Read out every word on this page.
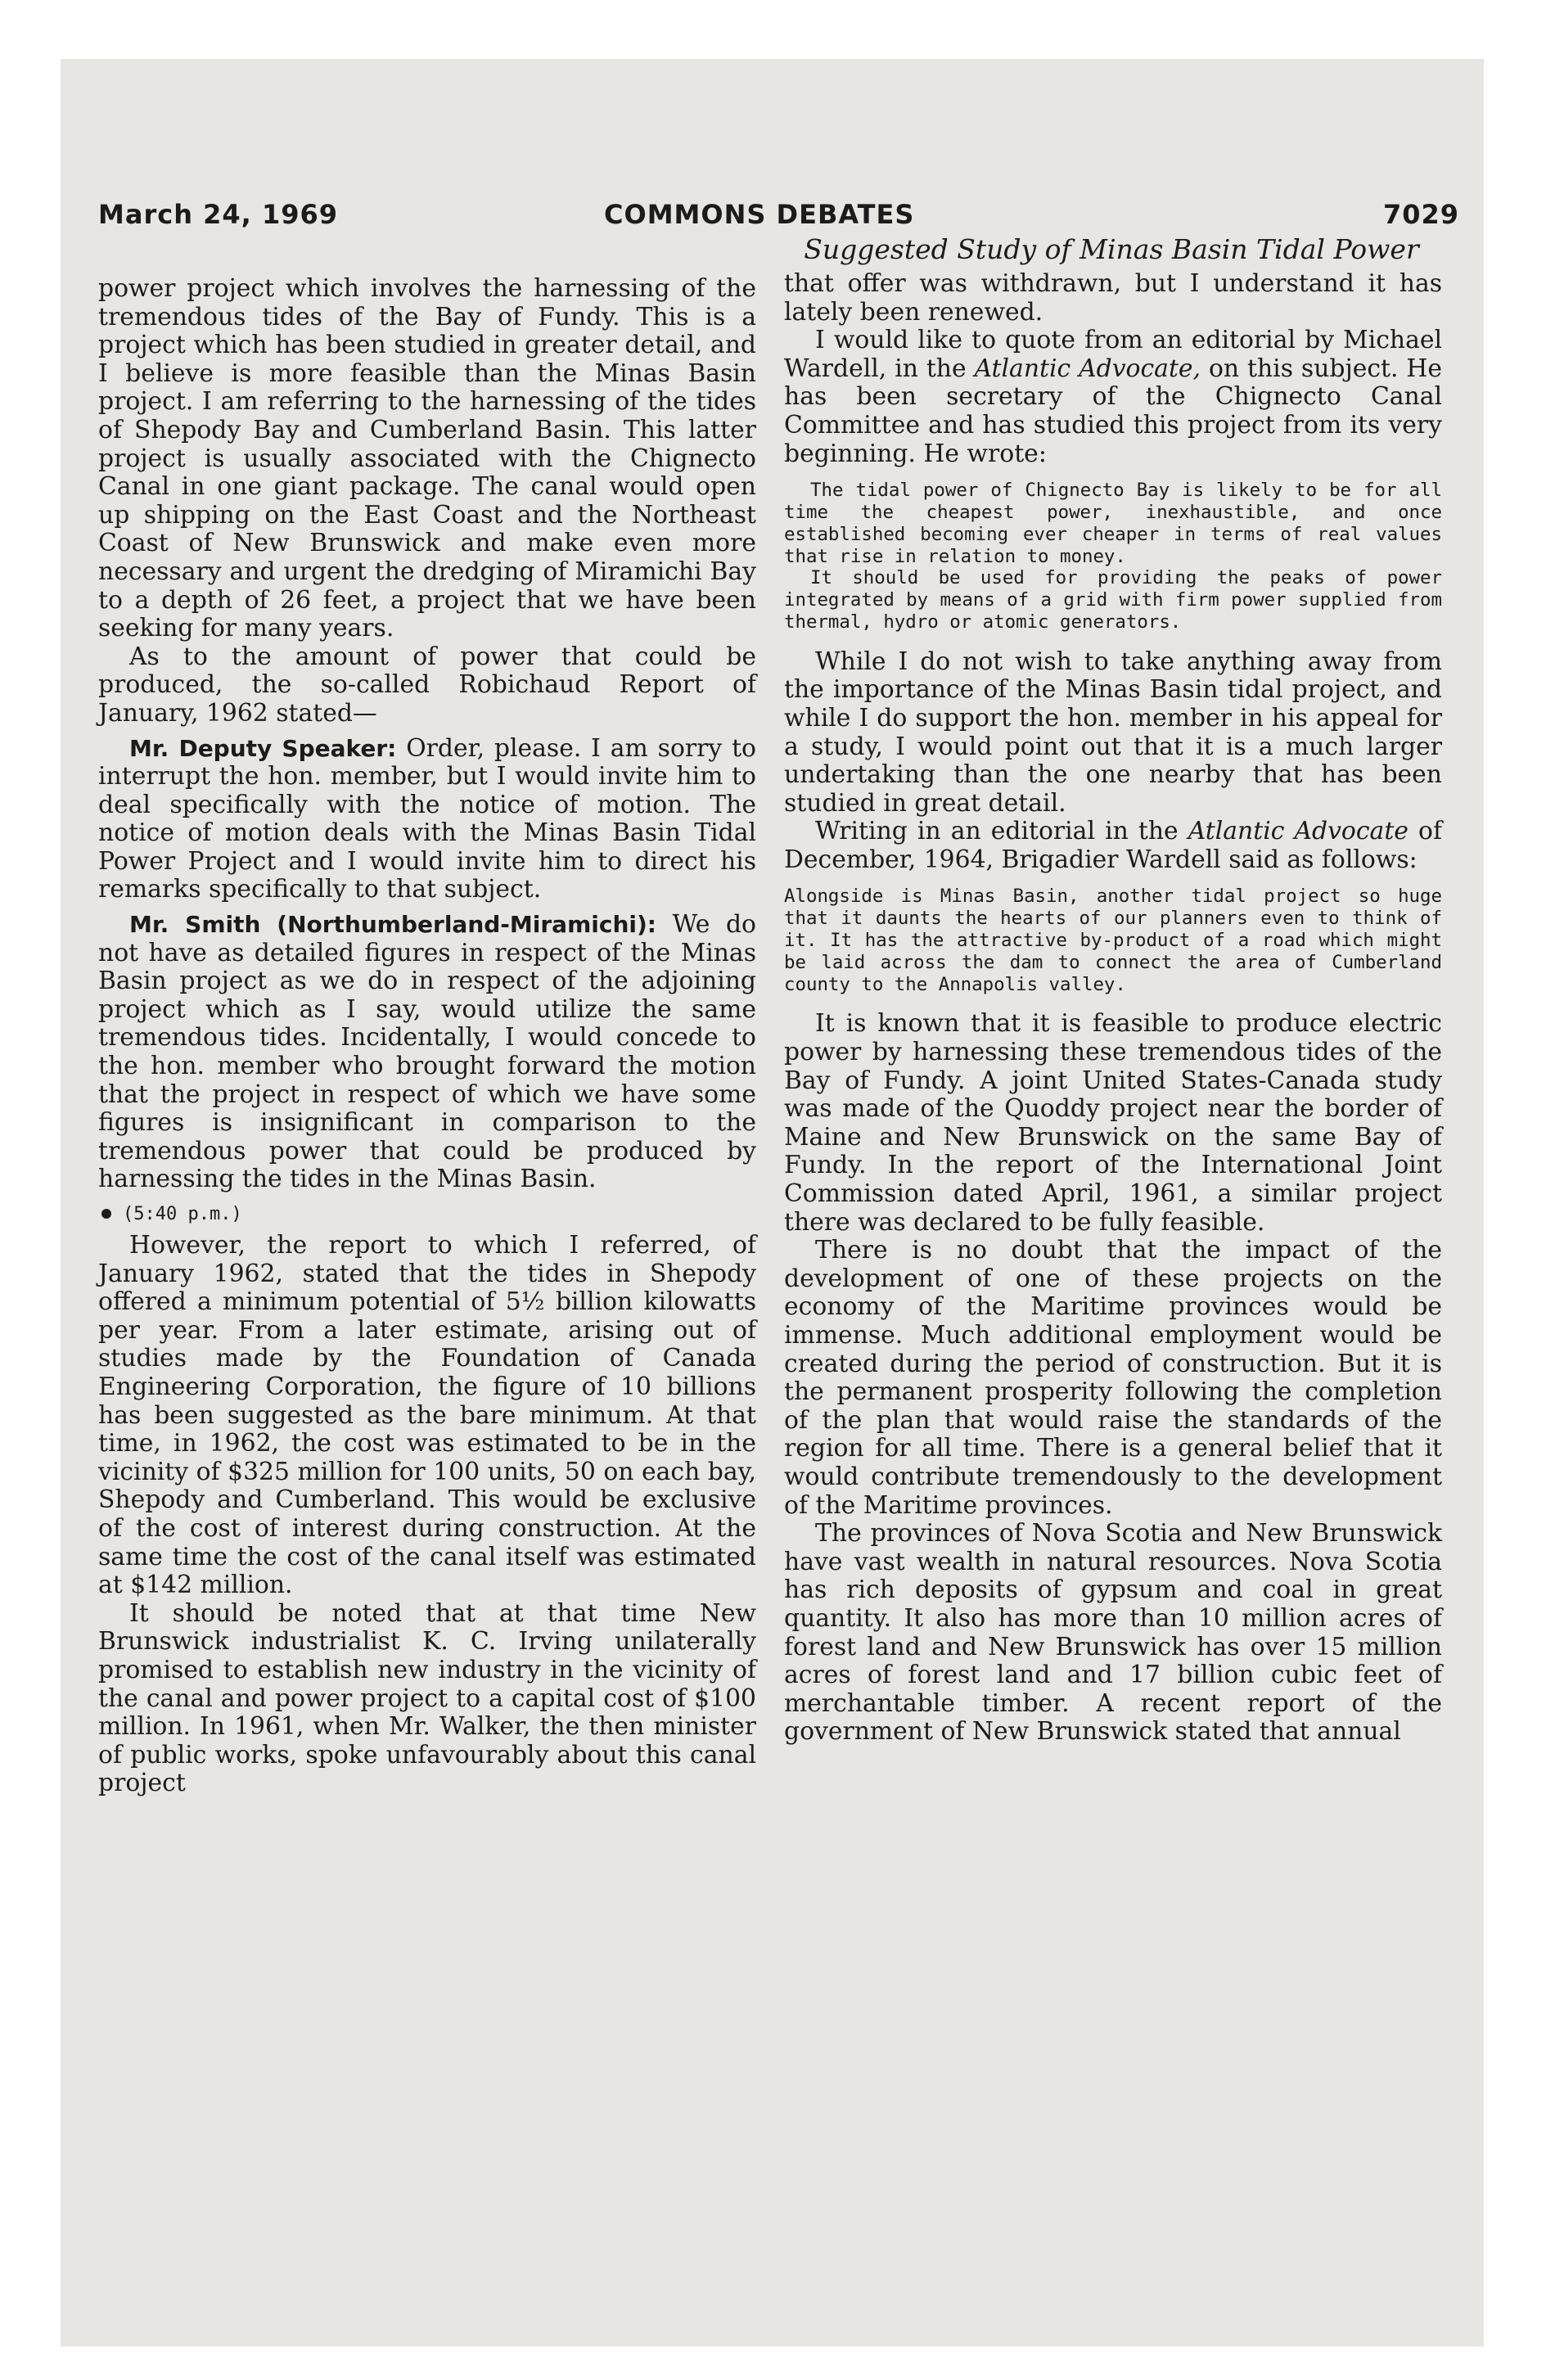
March 24, 1969	COMMONS DEBATES	7029
Suggested Study of Minas Basin Tidal Power

power project which involves the harnessing of the tremendous tides of the Bay of Fundy. This is a project which has been studied in greater detail, and I believe is more feasible than the Minas Basin project. I am referring to the harnessing of the tides of Shepody Bay and Cumberland Basin. This latter project is usually associated with the Chignecto Canal in one giant package. The canal would open up shipping on the East Coast and the Northeast Coast of New Brunswick and make even more necessary and urgent the dredging of Miramichi Bay to a depth of 26 feet, a project that we have been seeking for many years.

As to the amount of power that could be produced, the so-called Robichaud Report of January, 1962 stated—

Mr. Deputy Speaker: Order, please. I am sorry to interrupt the hon. member, but I would invite him to deal specifically with the notice of motion. The notice of motion deals with the Minas Basin Tidal Power Project and I would invite him to direct his remarks specifically to that subject.

Mr. Smith (Northumberland-Miramichi): We do not have as detailed figures in respect of the Minas Basin project as we do in respect of the adjoining project which as I say, would utilize the same tremendous tides. Incidentally, I would concede to the hon. member who brought forward the motion that the project in respect of which we have some figures is insignificant in comparison to the tremendous power that could be produced by harnessing the tides in the Minas Basin.

(5:40 p.m.)

However, the report to which I referred, of January 1962, stated that the tides in Shepody offered a minimum potential of 5½ billion kilowatts per year. From a later estimate, arising out of studies made by the Foundation of Canada Engineering Corporation, the figure of 10 billions has been suggested as the bare minimum. At that time, in 1962, the cost was estimated to be in the vicinity of $325 million for 100 units, 50 on each bay, Shepody and Cumberland. This would be exclusive of the cost of interest during construction. At the same time the cost of the canal itself was estimated at $142 million.

It should be noted that at that time New Brunswick industrialist K. C. Irving unilaterally promised to establish new industry in the vicinity of the canal and power project to a capital cost of $100 million. In 1961, when Mr. Walker, the then minister of public works, spoke unfavourably about this canal project

that offer was withdrawn, but I understand it has lately been renewed.

I would like to quote from an editorial by Michael Wardell, in the Atlantic Advocate, on this subject. He has been secretary of the Chignecto Canal Committee and has studied this project from its very beginning. He wrote:

The tidal power of Chignecto Bay is likely to be for all time the cheapest power, inexhaustible, and once established becoming ever cheaper in terms of real values that rise in relation to money.

It should be used for providing the peaks of power integrated by means of a grid with firm power supplied from thermal, hydro or atomic generators.

While I do not wish to take anything away from the importance of the Minas Basin tidal project, and while I do support the hon. member in his appeal for a study, I would point out that it is a much larger undertaking than the one nearby that has been studied in great detail.

Writing in an editorial in the Atlantic Advocate of December, 1964, Brigadier Wardell said as follows:

Alongside is Minas Basin, another tidal project so huge that it daunts the hearts of our planners even to think of it. It has the attractive by-product of a road which might be laid across the dam to connect the area of Cumberland county to the Annapolis valley.

It is known that it is feasible to produce electric power by harnessing these tremendous tides of the Bay of Fundy. A joint United States-Canada study was made of the Quoddy project near the border of Maine and New Brunswick on the same Bay of Fundy. In the report of the International Joint Commission dated April, 1961, a similar project there was declared to be fully feasible.

There is no doubt that the impact of the development of one of these projects on the economy of the Maritime provinces would be immense. Much additional employment would be created during the period of construction. But it is the permanent prosperity following the completion of the plan that would raise the standards of the region for all time. There is a general belief that it would contribute tremendously to the development of the Maritime provinces.

The provinces of Nova Scotia and New Brunswick have vast wealth in natural resources. Nova Scotia has rich deposits of gypsum and coal in great quantity. It also has more than 10 million acres of forest land and New Brunswick has over 15 million acres of forest land and 17 billion cubic feet of merchantable timber. A recent report of the government of New Brunswick stated that annual
